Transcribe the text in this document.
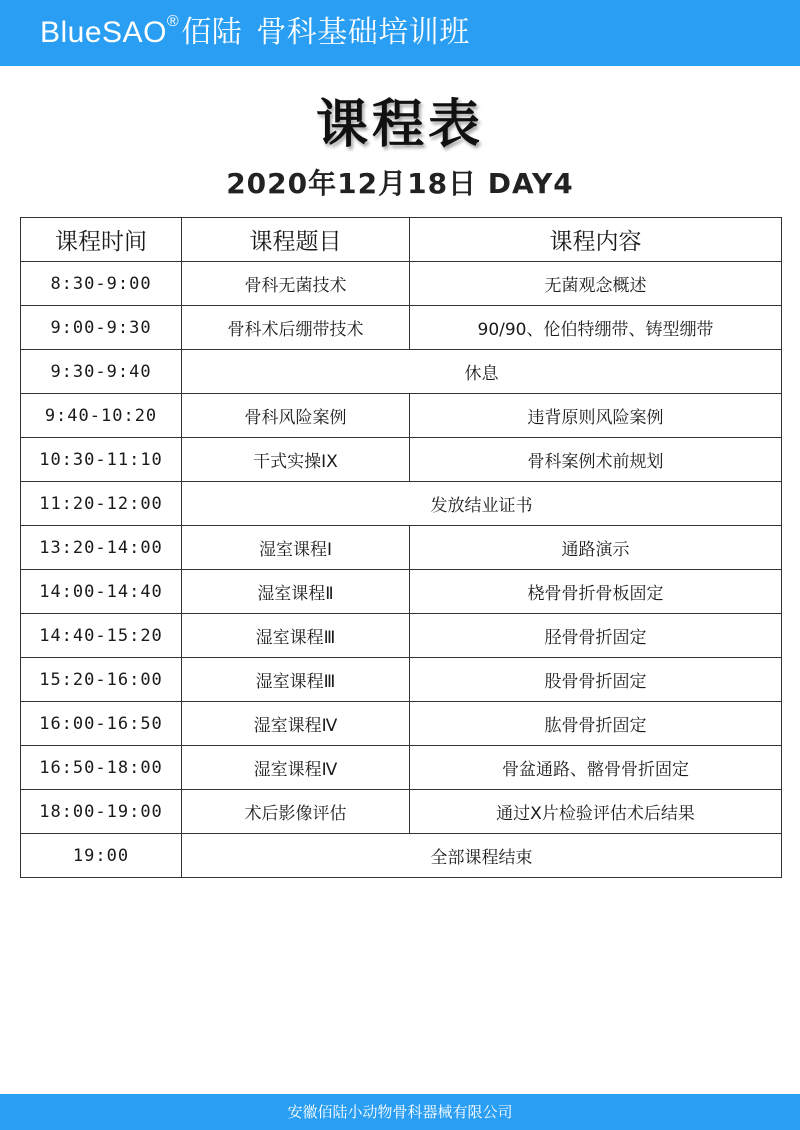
BlueSAO®佰陆 骨科基础培训班
课程表
2020年12月18日 DAY4
课程时间	课程题目	课程内容
8:30-9:00	骨科无菌技术	无菌观念概述
9:00-9:30	骨科术后绷带技术	90/90、伦伯特绷带、铸型绷带
9:30-9:40	休息	
9:40-10:20	骨科风险案例	违背原则风险案例
10:30-11:10	干式实操IX	骨科案例术前规划
11:20-12:00	发放结业证书	
13:20-14:00	湿室课程Ⅰ	通路演示
14:00-14:40	湿室课程Ⅱ	桡骨骨折骨板固定
14:40-15:20	湿室课程Ⅲ	胫骨骨折固定
15:20-16:00	湿室课程Ⅲ	股骨骨折固定
16:00-16:50	湿室课程Ⅳ	肱骨骨折固定
16:50-18:00	湿室课程Ⅳ	骨盆通路、髂骨骨折固定
18:00-19:00	术后影像评估	通过X片检验评估术后结果
19:00	全部课程结束	
安徽佰陆小动物骨科器械有限公司
